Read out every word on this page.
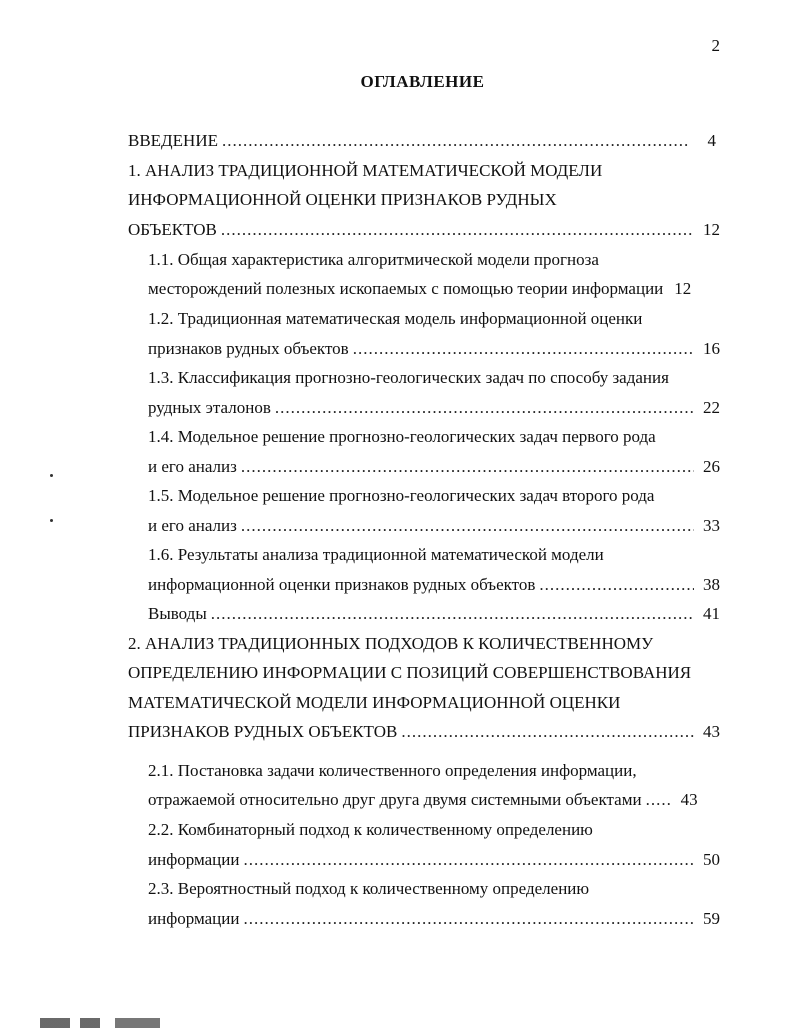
2
ОГЛАВЛЕНИЕ
ВВЕДЕНИЕ .....	4
1. АНАЛИЗ ТРАДИЦИОННОЙ МАТЕМАТИЧЕСКОЙ МОДЕЛИ
ИНФОРМАЦИОННОЙ ОЦЕНКИ ПРИЗНАКОВ РУДНЫХ
ОБЪЕКТОВ .....	12
1.1. Общая характеристика алгоритмической модели прогноза
месторождений полезных ископаемых с помощью теории информации 12
1.2. Традиционная математическая модель информационной оценки
признаков рудных объектов .....	16
1.3. Классификация прогнозно-геологических задач по способу задания
рудных эталонов .....	22
1.4. Модельное решение прогнозно-геологических задач первого рода
и его анализ .....	26
1.5. Модельное решение прогнозно-геологических задач второго рода
и его анализ .....	33
1.6. Результаты анализа традиционной математической модели
информационной оценки признаков рудных объектов .....	38
Выводы .....	41
2. АНАЛИЗ ТРАДИЦИОННЫХ ПОДХОДОВ К КОЛИЧЕСТВЕННОМУ
ОПРЕДЕЛЕНИЮ ИНФОРМАЦИИ С ПОЗИЦИЙ СОВЕРШЕНСТВОВАНИЯ
МАТЕМАТИЧЕСКОЙ МОДЕЛИ ИНФОРМАЦИОННОЙ ОЦЕНКИ
ПРИЗНАКОВ РУДНЫХ ОБЪЕКТОВ .....	43
2.1. Постановка задачи количественного определения информации,
отражаемой относительно друг друга двумя системными объектами ..... 43
2.2. Комбинаторный подход к количественному определению
информации .....	50
2.3. Вероятностный подход к количественному определению
информации .....	59
